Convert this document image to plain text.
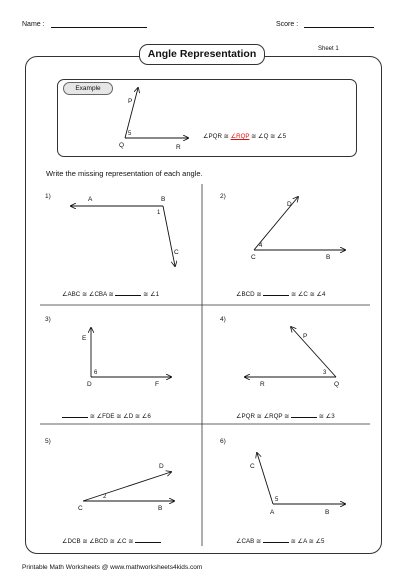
Name :	Score :
Angle Representation	Sheet 1
Example
Write the missing representation of each angle.
P
Q	R
5
1)	A	B
C
1
2)
D
C	B
4
3)
E
D	F
6
4)
P
R	Q
3
5)
D
C	B
2
6)
C
A	B
5
∠PQR ≅ ∠RQP ≅ ∠Q ≅ ∠5
∠ABC ≅ ∠CBA ≅	≅ ∠1	∠BCD ≅	≅ ∠C ≅ ∠4
≅ ∠FDE ≅ ∠D ≅ ∠6	∠PQR ≅ ∠RQP ≅	≅ ∠3
∠DCB ≅ ∠BCD ≅ ∠C ≅	∠CAB ≅	≅ ∠A ≅ ∠5
Printable Math Worksheets @ www.mathworksheets4kids.com
